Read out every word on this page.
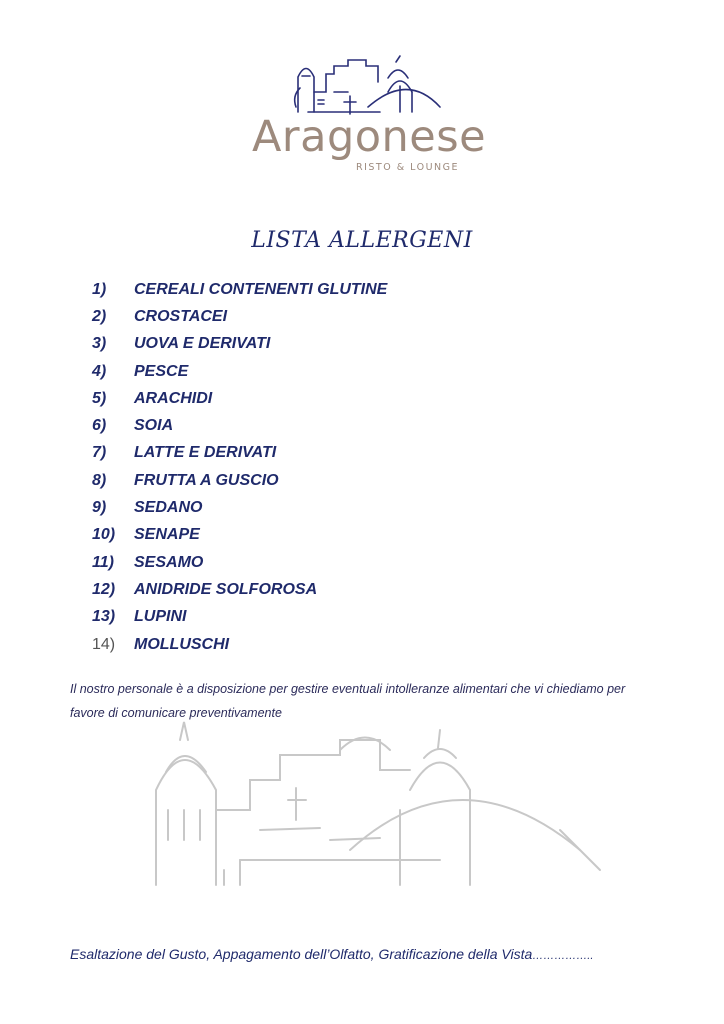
Aragonese
RISTO & LOUNGE
LISTA ALLERGENI
1)	CEREALI CONTENENTI GLUTINE
2)	CROSTACEI
3)	UOVA E DERIVATI
4)	PESCE
5)	ARACHIDI
6)	SOIA
7)	LATTE E DERIVATI
8)	FRUTTA A GUSCIO
9)	SEDANO
10)	SENAPE
11)	SESAMO
12)	ANIDRIDE SOLFOROSA
13)	LUPINI
14)	MOLLUSCHI
Il nostro personale è a disposizione per gestire eventuali intolleranze alimentari che vi chiediamo per
favore di comunicare preventivamente
Esaltazione del Gusto, Appagamento dell’Olfatto, Gratificazione della Vista……………..
